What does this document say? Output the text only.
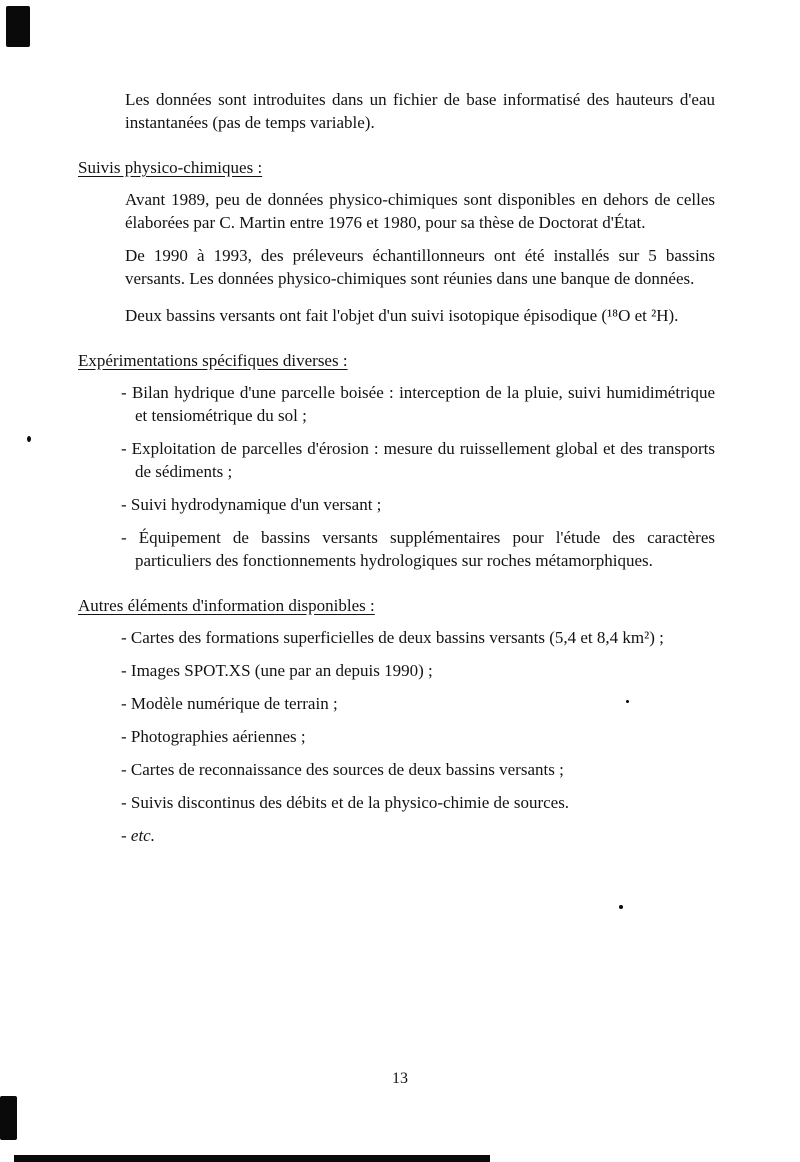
Les données sont introduites dans un fichier de base informatisé des hauteurs d'eau instantanées (pas de temps variable).

Suivis physico-chimiques :

Avant 1989, peu de données physico-chimiques sont disponibles en dehors de celles élaborées par C. Martin entre 1976 et 1980, pour sa thèse de Doctorat d'État.

De 1990 à 1993, des préleveurs échantillonneurs ont été installés sur 5 bassins versants. Les données physico-chimiques sont réunies dans une banque de données.

Deux bassins versants ont fait l'objet d'un suivi isotopique épisodique (¹⁸O et ²H).

Expérimentations spécifiques diverses :

- Bilan hydrique d'une parcelle boisée : interception de la pluie, suivi humidimétrique et tensiométrique du sol ;

- Exploitation de parcelles d'érosion : mesure du ruissellement global et des transports de sédiments ;

- Suivi hydrodynamique d'un versant ;

- Équipement de bassins versants supplémentaires pour l'étude des caractères particuliers des fonctionnements hydrologiques sur roches métamorphiques.

Autres éléments d'information disponibles :

- Cartes des formations superficielles de deux bassins versants (5,4 et 8,4 km²) ;

- Images SPOT.XS (une par an depuis 1990) ;

- Modèle numérique de terrain ;

- Photographies aériennes ;

- Cartes de reconnaissance des sources de deux bassins versants ;

- Suivis discontinus des débits et de la physico-chimie de sources.

- etc.

13
